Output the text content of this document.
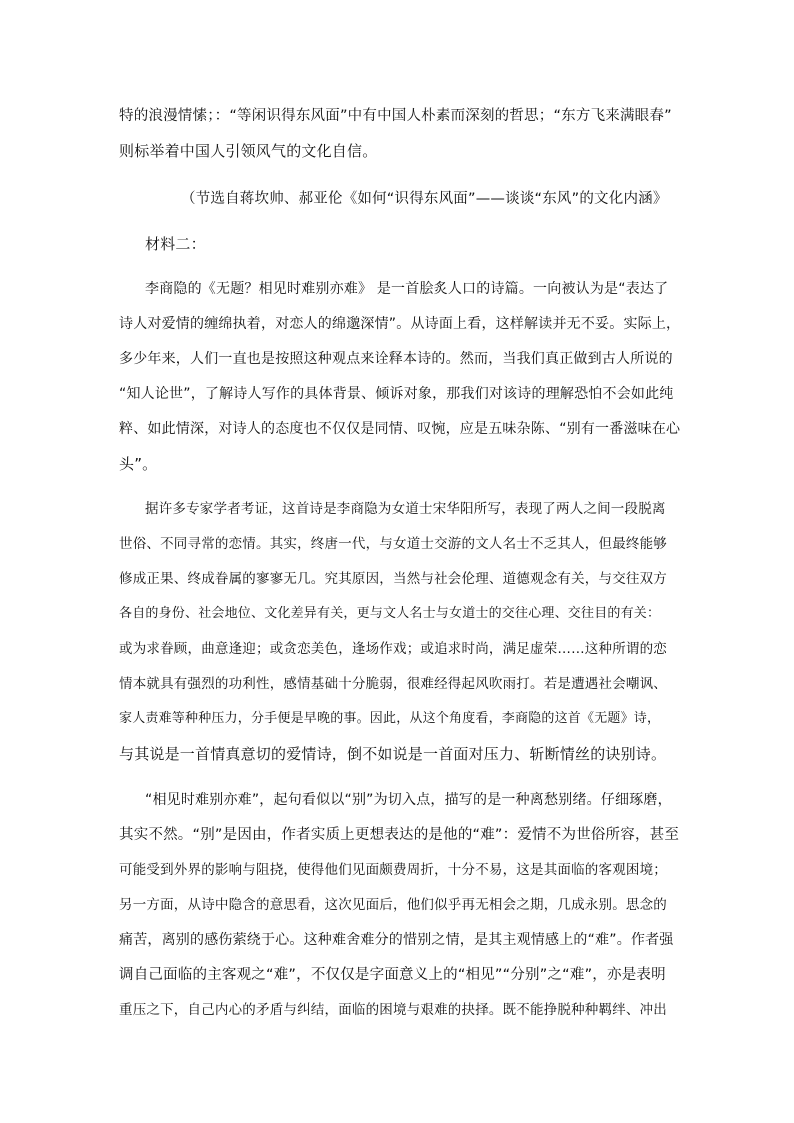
特的浪漫情愫；：“等闲识得东风面”中有中国人朴素而深刻的哲思；“东方飞来满眼春”
则标举着中国人引领风气的文化自信。
（节选自蒋坎帅、郝亚伦《如何“识得东风面”——谈谈“东风”的文化内涵》
材料二：
李商隐的《无题？相见时难别亦难》 是一首脍炙人口的诗篇。一向被认为是“表达了
诗人对爱情的缠绵执着，对恋人的绵邈深情”。从诗面上看，这样解读并无不妥。实际上，
多少年来，人们一直也是按照这种观点来诠释本诗的。然而，当我们真正做到古人所说的
“知人论世”，了解诗人写作的具体背景、倾诉对象，那我们对该诗的理解恐怕不会如此纯
粹、如此情深，对诗人的态度也不仅仅是同情、叹惋，应是五味杂陈、“别有一番滋味在心
头”。
据许多专家学者考证，这首诗是李商隐为女道士宋华阳所写，表现了两人之间一段脱离
世俗、不同寻常的恋情。其实，终唐一代，与女道士交游的文人名士不乏其人，但最终能够
修成正果、终成眷属的寥寥无几。究其原因，当然与社会伦理、道德观念有关，与交往双方
各自的身份、社会地位、文化差异有关，更与文人名士与女道士的交往心理、交往目的有关：
或为求眷顾，曲意逢迎；或贪恋美色，逢场作戏；或追求时尚，满足虚荣……这种所谓的恋
情本就具有强烈的功利性，感情基础十分脆弱，很难经得起风吹雨打。若是遭遇社会嘲讽、
家人责难等种种压力，分手便是早晚的事。因此，从这个角度看，李商隐的这首《无题》诗，
与其说是一首情真意切的爱情诗，倒不如说是一首面对压力、斩断情丝的诀别诗。
“相见时难别亦难”，起句看似以“别”为切入点，描写的是一种离愁别绪。仔细琢磨，
其实不然。“别”是因由，作者实质上更想表达的是他的“难”：爱情不为世俗所容，甚至
可能受到外界的影响与阻挠，使得他们见面颇费周折，十分不易，这是其面临的客观困境；
另一方面，从诗中隐含的意思看，这次见面后，他们似乎再无相会之期，几成永别。思念的
痛苦，离别的感伤萦绕于心。这种难舍难分的惜别之情，是其主观情感上的“难”。作者强
调自己面临的主客观之“难”，不仅仅是字面意义上的“相见”“分别”之“难”，亦是表明
重压之下，自己内心的矛盾与纠结，面临的困境与艰难的抉择。既不能挣脱种种羁绊、冲出
